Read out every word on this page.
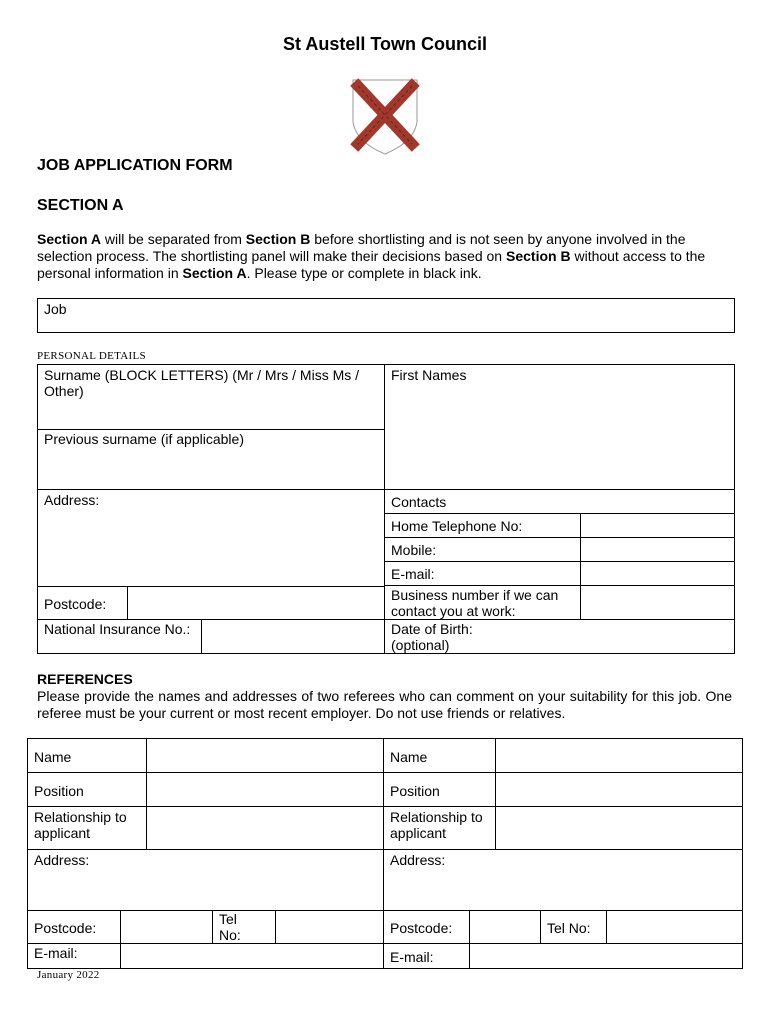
St Austell Town Council
JOB APPLICATION FORM
SECTION A
Section A will be separated from Section B before shortlisting and is not seen by anyone involved in the selection process. The shortlisting panel will make their decisions based on Section B without access to the personal information in Section A. Please type or complete in black ink.
Job
PERSONAL DETAILS
Surname (BLOCK LETTERS) (Mr / Mrs / Miss Ms / Other)
Previous surname (if applicable)
First Names
Address:
Postcode:
Contacts
Home Telephone No:
Mobile:
E-mail:
Business number if we can contact you at work:
National Insurance No.:	Date of Birth: (optional)
REFERENCES
Please provide the names and addresses of two referees who can comment on your suitability for this job. One referee must be your current or most recent employer. Do not use friends or relatives.
Name
Position
Relationship to applicant
Address:
Postcode:
Tel No:
E-mail:
Name
Position
Relationship to applicant
Address:
Postcode:	Tel No:
E-mail:
January 2022
